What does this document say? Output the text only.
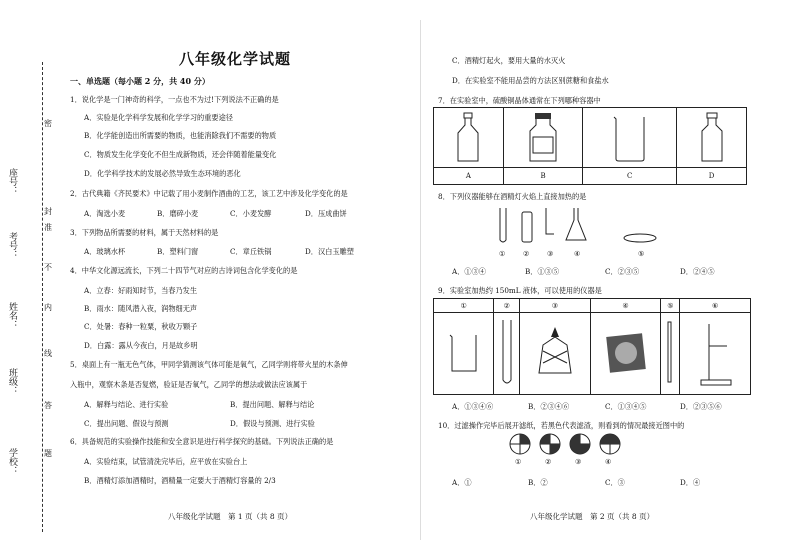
学校：
班级：
姓名：
考号：
座号：
密
封
线
内
不
准
答
题
八年级化学试题
一、单选题（每小题 2 分，共 40 分）
1．说化学是一门神奇的科学，一点也不为过!下列说法不正确的是
A．实验是化学科学发展和化学学习的重要途径
B．化学能创造出所需要的物质，也能消除我们不需要的物质
C．物质发生化学变化不但生成新物质，还会伴随着能量变化
D．化学科学技术的发展必然导致生态环境的恶化
2．古代典籍《齐民要术》中记载了用小麦制作酒曲的工艺，该工艺中涉及化学变化的是
A．淘选小麦	B．磨碎小麦	C．小麦发酵	D．压成曲饼
3．下列物品所需要的材料，属于天然材料的是
A．玻璃水杯	B．塑料门窗	C．章丘铁锅	D．汉白玉雕塑
4．中华文化源远流长，下列二十四节气对应的古诗词包含化学变化的是
A．立春：好雨知时节，当春乃发生
B．雨水：随风潜入夜，润物细无声
C．处暑：春种一粒粟，秋收万颗子
D．白露：露从今夜白，月是故乡明
5．桌面上有一瓶无色气体，甲同学猜测该气体可能是氧气，乙同学则将带火星的木条伸
入瓶中，观察木条是否复燃，验证是否氧气，乙同学的想法或做法应该属于
A．解释与结论、进行实验	B．提出问题、解释与结论
C．提出问题、假设与预测	D．假设与预测、进行实验
6．具备规范的实验操作技能和安全意识是进行科学探究的基础。下列说法正确的是
A．实验结束，试管清洗完毕后，应平放在实验台上
B．酒精灯添加酒精时，酒精量一定要大于酒精灯容量的 2/3
八年级化学试题　第 1 页（共 8 页）
C．酒精灯起火，要用大量的水灭火
D．在实验室不能用品尝的方法区别蔗糖和食盐水
7．在实验室中，硫酸铜晶体通常在下列哪种容器中

A	B	C	D
8．下列仪器能够在酒精灯火焰上直接加热的是
① ② ③	④	⑤
A．①③④	B．①③⑤	C．②③⑤	D．②④⑤
9．实验室加热约 150mL 液体，可以使用的仪器是
①	②	③	④	⑤	⑥

A．①③④⑥	B．②③④⑥	C．①③④⑤	D．②③⑤⑥
10．过滤操作完毕后展开滤纸，若黑色代表滤渣，则看到的情况最接近图中的
①	②	③	④
A．①	B．②	C．③	D．④
八年级化学试题　第 2 页（共 8 页）
